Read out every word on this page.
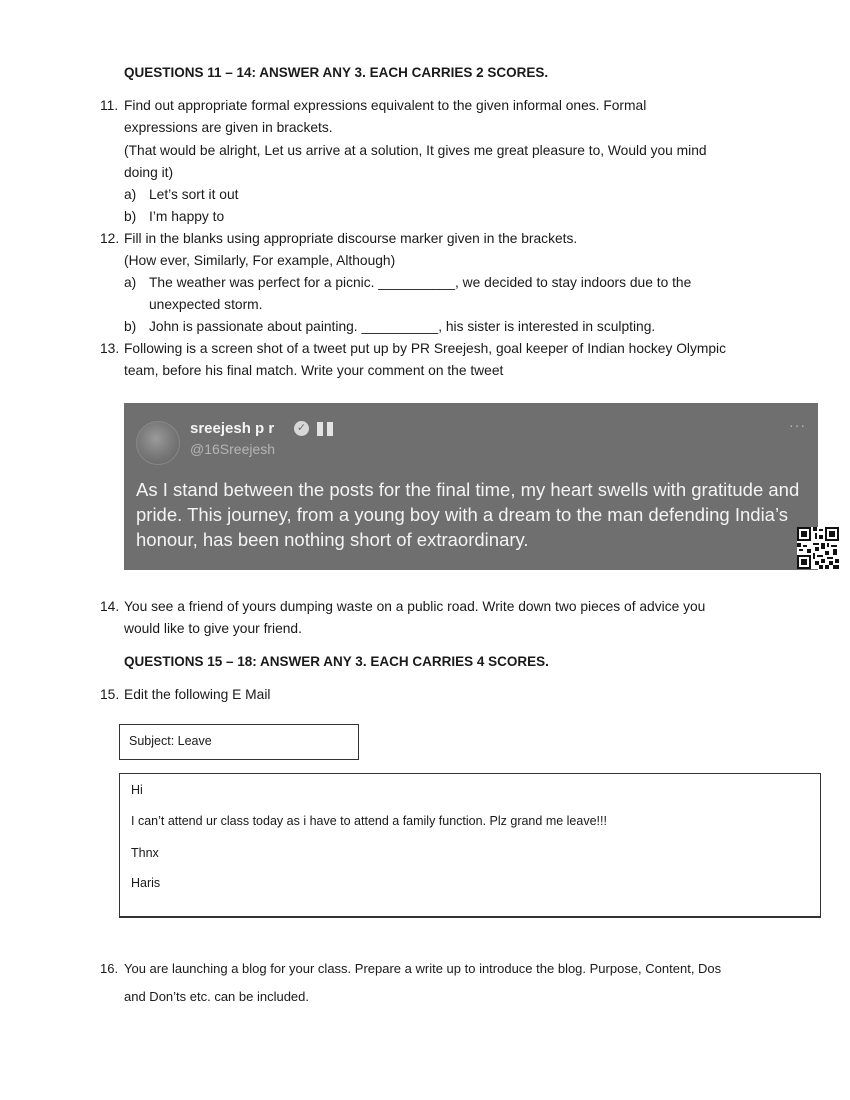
QUESTIONS 11 – 14: ANSWER ANY 3. EACH CARRIES 2 SCORES.
11. Find out appropriate formal expressions equivalent to the given informal ones. Formal
expressions are given in brackets.
(That would be alright, Let us arrive at a solution, It gives me great pleasure to, Would you mind
doing it)
a) Let’s sort it out
b) I’m happy to
12. Fill in the blanks using appropriate discourse marker given in the brackets.
(How ever, Similarly, For example, Although)
a) The weather was perfect for a picnic. __________, we decided to stay indoors due to the
unexpected storm.
b) John is passionate about painting. __________, his sister is interested in sculpting.
13. Following is a screen shot of a tweet put up by PR Sreejesh, goal keeper of Indian hockey Olympic
team, before his final match. Write your comment on the tweet
sreejesh p r ✓
@16Sreejesh
···
As I stand between the posts for the final time, my heart swells with gratitude and pride. This journey, from a young boy with a dream to the man defending India’s honour, has been nothing short of extraordinary.
14. You see a friend of yours dumping waste on a public road. Write down two pieces of advice you
would like to give your friend.
QUESTIONS 15 – 18: ANSWER ANY 3. EACH CARRIES 4 SCORES.
15. Edit the following E Mail
Subject: Leave
Hi
I can’t attend ur class today as i have to attend a family function. Plz grand me leave!!!
Thnx
Haris
16. You are launching a blog for your class. Prepare a write up to introduce the blog. Purpose, Content, Dos
and Don’ts etc. can be included.
